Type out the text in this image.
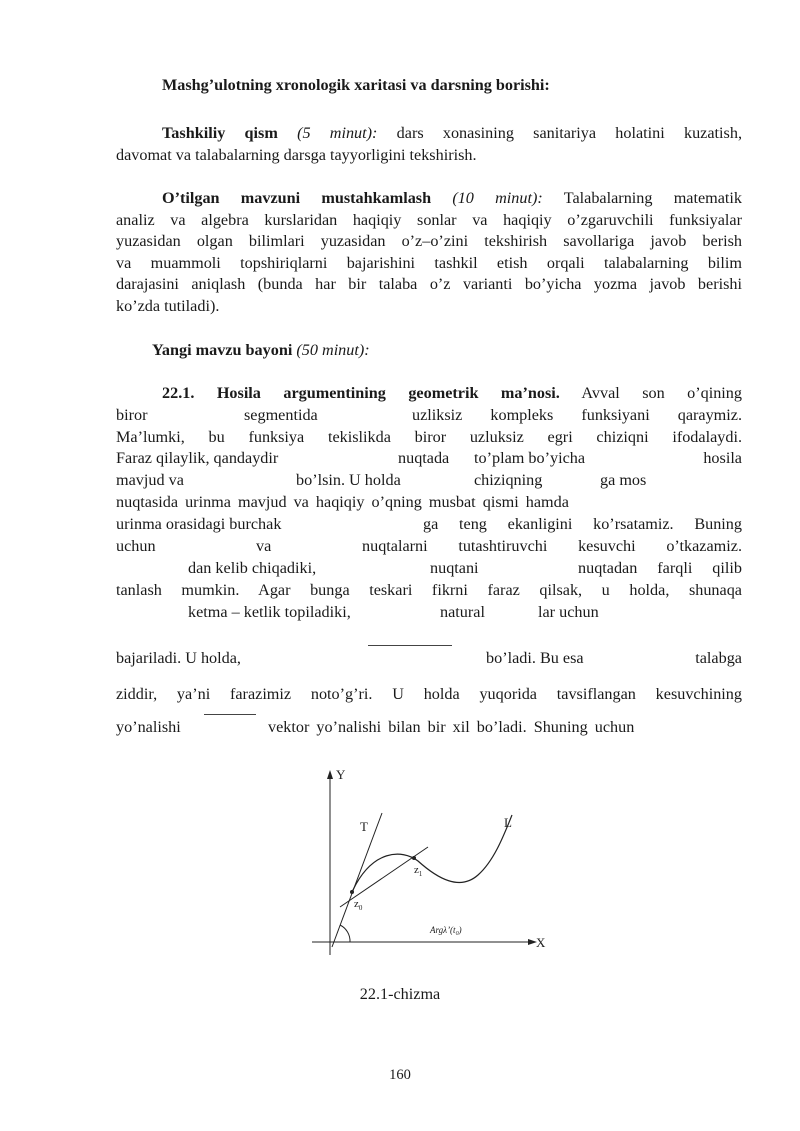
Mashg’ulotning xronologik xaritasi va darsning borishi:
Tashkiliy qism (5 minut): dars xonasining sanitariya holatini kuzatish,
davomat va talabalarning darsga tayyorligini tekshirish.
O’tilgan mavzuni mustahkamlash (10 minut): Talabalarning matematik
analiz va algebra kurslaridan haqiqiy sonlar va haqiqiy o’zgaruvchili funksiyalar
yuzasidan olgan bilimlari yuzasidan o’z–o’zini tekshirish savollariga javob berish
va muammoli topshiriqlarni bajarishini tashkil etish orqali talabalarning bilim
darajasini aniqlash (bunda har bir talaba o’z varianti bo’yicha yozma javob berishi
ko’zda tutiladi).
Yangi mavzu bayoni (50 minut):
22.1. Hosila argumentining geometrik ma’nosi. Avval son o’qining
biror	segmentida	uzliksiz kompleks funksiyani qaraymiz.
Ma’lumki, bu funksiya tekislikda biror uzluksiz egri chiziqni ifodalaydi.
Faraz qilaylik, qandaydir	nuqtada to’plam bo’yicha	hosila
mavjud va	bo’lsin. U holda	chiziqning	ga mos
nuqtasida urinma mavjud va haqiqiy o’qning musbat qismi hamda
urinma orasidagi burchak	ga teng ekanligini ko’rsatamiz. Buning
uchun	va	nuqtalarni tutashtiruvchi kesuvchi o’tkazamiz.
dan kelib chiqadiki,	nuqtani	nuqtadan farqli qilib
tanlash mumkin. Agar bunga teskari fikrni faraz qilsak, u holda, shunaqa
ketma – ketlik topiladiki,	natural	lar uchun
bajariladi. U holda,	bo’ladi. Bu esa	talabga
ziddir, ya’ni farazimiz noto’g’ri. U holda yuqorida tavsiflangan kesuvchining
yo’nalishi	vektor yo’nalishi bilan bir xil bo’ladi. Shuning uchun
Y
X
T	L
$z_1$
$z_0$
$Arg\lambda’(t_0)$
22.1-chizma
160
